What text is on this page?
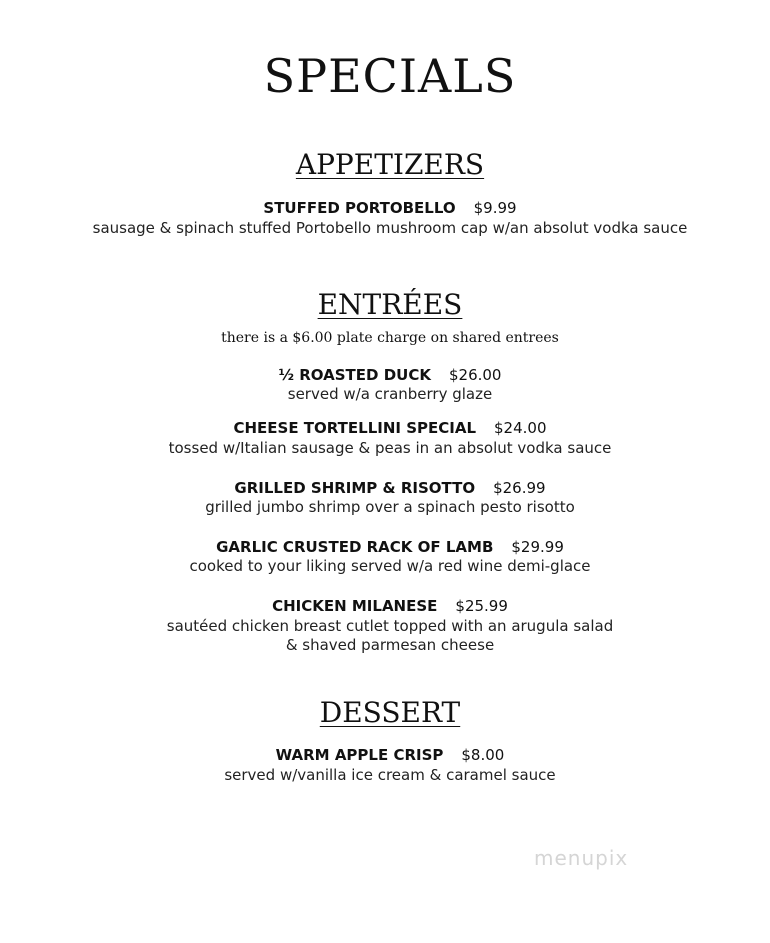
SPECIALS
APPETIZERS
STUFFED PORTOBELLO $9.99
sausage & spinach stuffed Portobello mushroom cap w/an absolut vodka sauce
ENTRÉES
there is a $6.00 plate charge on shared entrees
½ ROASTED DUCK $26.00
served w/a cranberry glaze
CHEESE TORTELLINI SPECIAL $24.00
tossed w/Italian sausage & peas in an absolut vodka sauce
GRILLED SHRIMP & RISOTTO $26.99
grilled jumbo shrimp over a spinach pesto risotto
GARLIC CRUSTED RACK OF LAMB $29.99
cooked to your liking served w/a red wine demi-glace
CHICKEN MILANESE $25.99
sautéed chicken breast cutlet topped with an arugula salad
& shaved parmesan cheese
DESSERT
WARM APPLE CRISP $8.00
served w/vanilla ice cream & caramel sauce
menupix
